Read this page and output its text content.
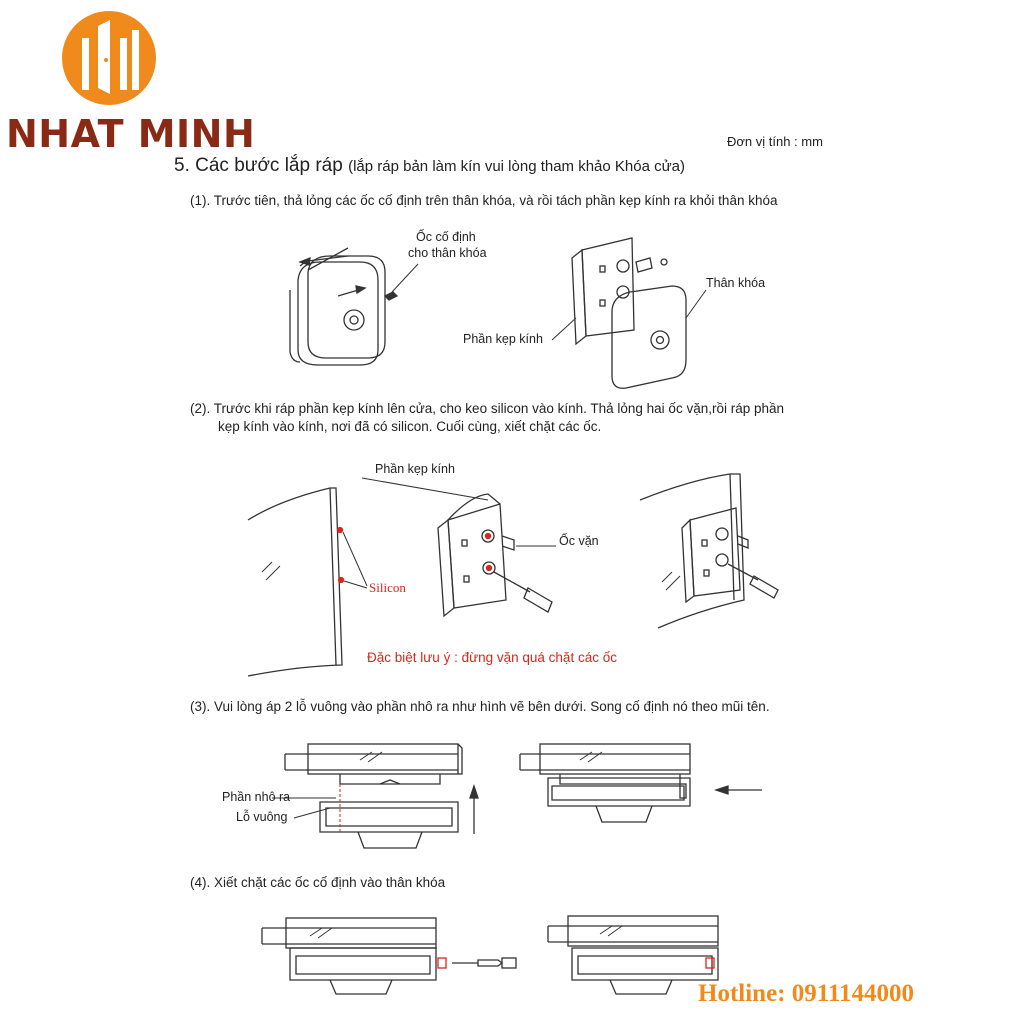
NHAT MINH	Đơn vị tính : mm
5. Các bước lắp ráp (lắp ráp bản làm kín vui lòng tham khảo Khóa cửa)
(1). Trước tiên, thả lỏng các ốc cố định trên thân khóa, và rồi tách phần kẹp kính ra khỏi thân khóa
(2). Trước khi ráp phần kẹp kính lên cửa, cho keo silicon vào kính. Thả lỏng hai ốc vặn,rồi ráp phần
kẹp kính vào kính, nơi đã có silicon. Cuối cùng, xiết chặt các ốc.
(3). Vui lòng áp 2 lỗ vuông vào phần nhô ra như hình vẽ bên dưới. Song cố định nó theo mũi tên.
(4). Xiết chặt các ốc cố định vào thân khóa
Ốc cố định
cho thân khóa
Thân khóa
Phần kẹp kính
Phần kẹp kính
Ốc vặn
Silicon
Đặc biệt lưu ý : đừng vặn quá chặt các ốc
Phần nhô ra
Lỗ vuông
Hotline: 0911144000
